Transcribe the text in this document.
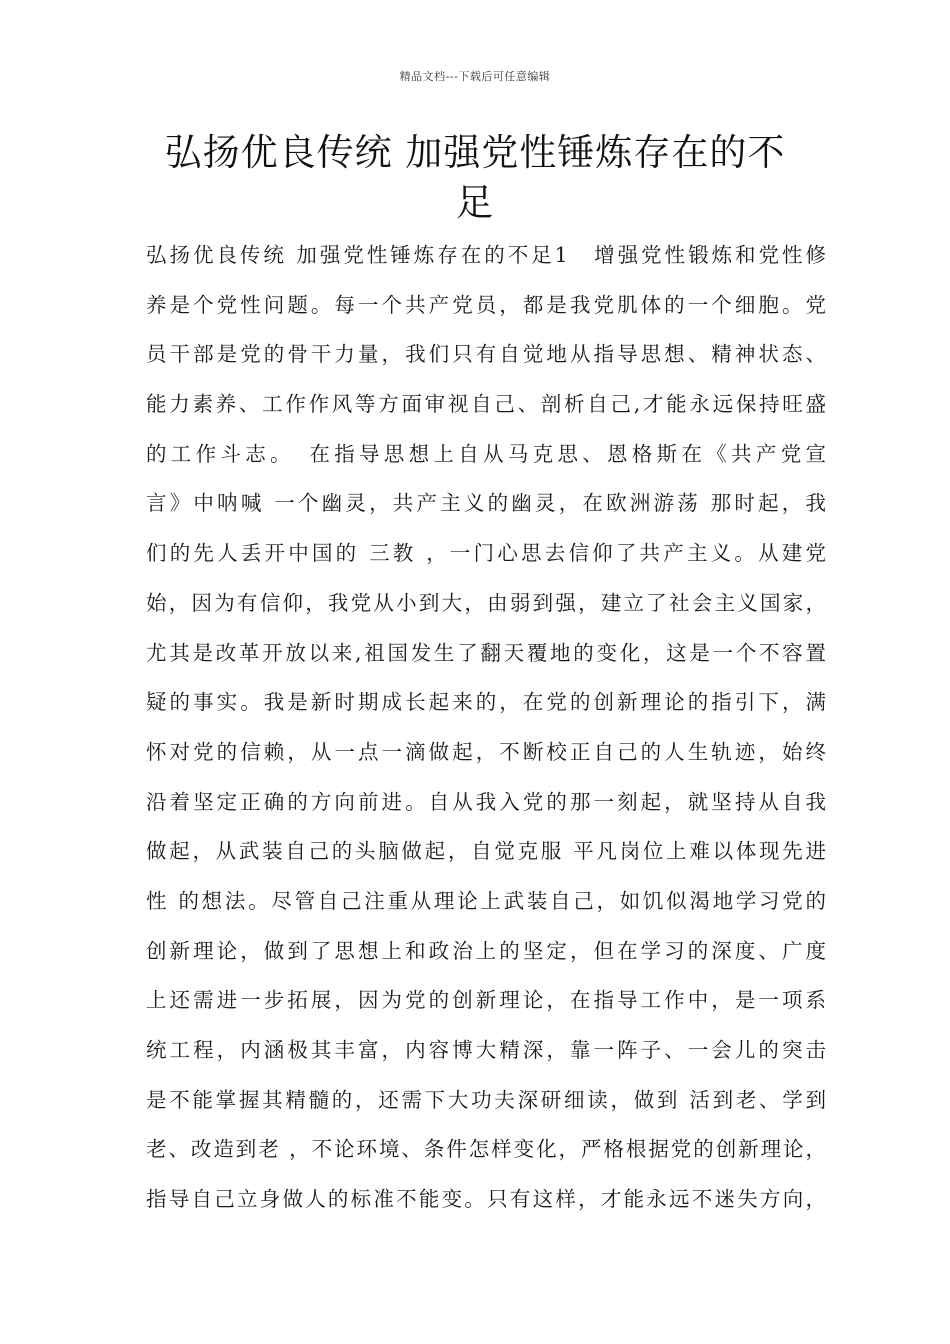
精品文档---下载后可任意编辑
弘扬优良传统 加强党性锤炼存在的不足
弘扬优良传统 加强党性锤炼存在的不足1　增强党性锻炼和党性修
养是个党性问题。每一个共产党员，都是我党肌体的一个细胞。党
员干部是党的骨干力量，我们只有自觉地从指导思想、精神状态、
能力素养、工作作风等方面审视自己、剖析自己,才能永远保持旺盛
的工作斗志。　在指导思想上自从马克思、恩格斯在《共产党宣
言》中呐喊 一个幽灵，共产主义的幽灵，在欧洲游荡 那时起，我
们的先人丢开中国的 三教 ，一门心思去信仰了共产主义。从建党
始，因为有信仰，我党从小到大，由弱到强，建立了社会主义国家，
尤其是改革开放以来,祖国发生了翻天覆地的变化，这是一个不容置
疑的事实。我是新时期成长起来的，在党的创新理论的指引下，满
怀对党的信赖，从一点一滴做起，不断校正自己的人生轨迹，始终
沿着坚定正确的方向前进。自从我入党的那一刻起，就坚持从自我
做起，从武装自己的头脑做起，自觉克服 平凡岗位上难以体现先进
性 的想法。尽管自己注重从理论上武装自己，如饥似渴地学习党的
创新理论，做到了思想上和政治上的坚定，但在学习的深度、广度
上还需进一步拓展，因为党的创新理论，在指导工作中，是一项系
统工程，内涵极其丰富，内容博大精深，靠一阵子、一会儿的突击
是不能掌握其精髓的，还需下大功夫深研细读，做到 活到老、学到
老、改造到老 ，不论环境、条件怎样变化，严格根据党的创新理论，
指导自己立身做人的标准不能变。只有这样，才能永远不迷失方向，
